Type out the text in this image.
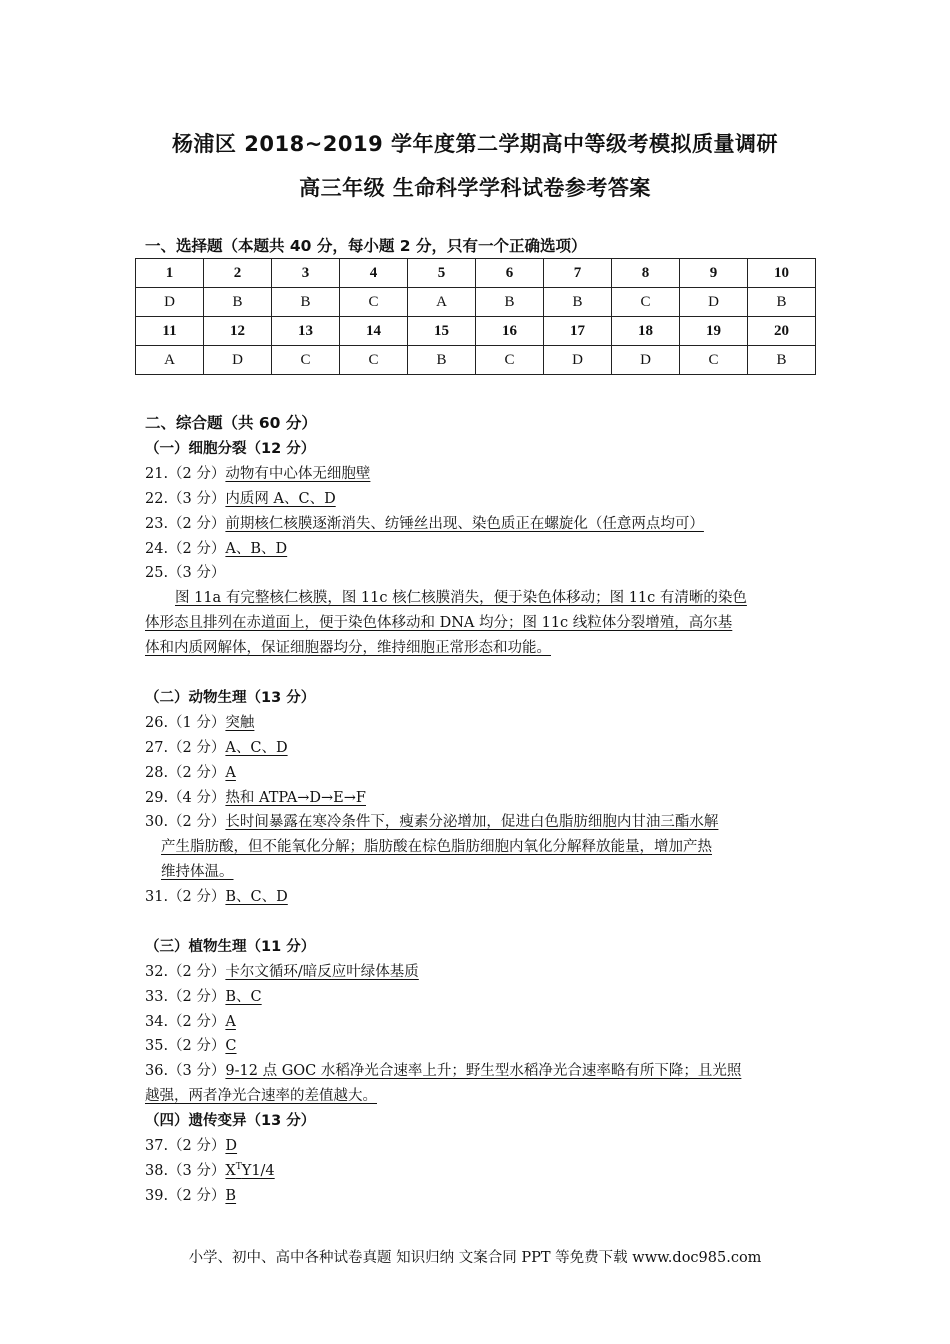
杨浦区 2018~2019 学年度第二学期高中等级考模拟质量调研
高三年级 生命科学学科试卷参考答案
一、选择题（本题共 40 分，每小题 2 分，只有一个正确选项）
1	2	3	4	5	6	7	8	9	10
D	B	B	C	A	B	B	C	D	B
11	12	13	14	15	16	17	18	19	20
A	D	C	C	B	C	D	D	C	B
二、综合题（共 60 分）
（一）细胞分裂（12 分）
21.（2 分）动物有中心体无细胞壁
22.（3 分）内质网 A、C、D
23.（2 分）前期核仁核膜逐渐消失、纺锤丝出现、染色质正在螺旋化（任意两点均可）
24.（2 分）A、B、D
25.（3 分）
图 11a 有完整核仁核膜，图 11c 核仁核膜消失，便于染色体移动；图 11c 有清晰的染色
体形态且排列在赤道面上，便于染色体移动和 DNA 均分；图 11c 线粒体分裂增殖，高尔基
体和内质网解体，保证细胞器均分，维持细胞正常形态和功能。
（二）动物生理（13 分）
26.（1 分）突触
27.（2 分）A、C、D
28.（2 分）A
29.（4 分）热和 ATPA→D→E→F
30.（2 分）长时间暴露在寒冷条件下，瘦素分泌增加，促进白色脂肪细胞内甘油三酯水解
产生脂肪酸，但不能氧化分解；脂肪酸在棕色脂肪细胞内氧化分解释放能量，增加产热
维持体温。
31.（2 分）B、C、D
（三）植物生理（11 分）
32.（2 分）卡尔文循环/暗反应叶绿体基质
33.（2 分）B、C
34.（2 分）A
35.（2 分）C
36.（3 分）9-12 点 GOC 水稻净光合速率上升；野生型水稻净光合速率略有所下降；且光照
越强，两者净光合速率的差值越大。
（四）遗传变异（13 分）
37.（2 分）D
38.（3 分）$X^TY1/4$
39.（2 分）B
小学、初中、高中各种试卷真题 知识归纳 文案合同 PPT 等免费下载 www.doc985.com
